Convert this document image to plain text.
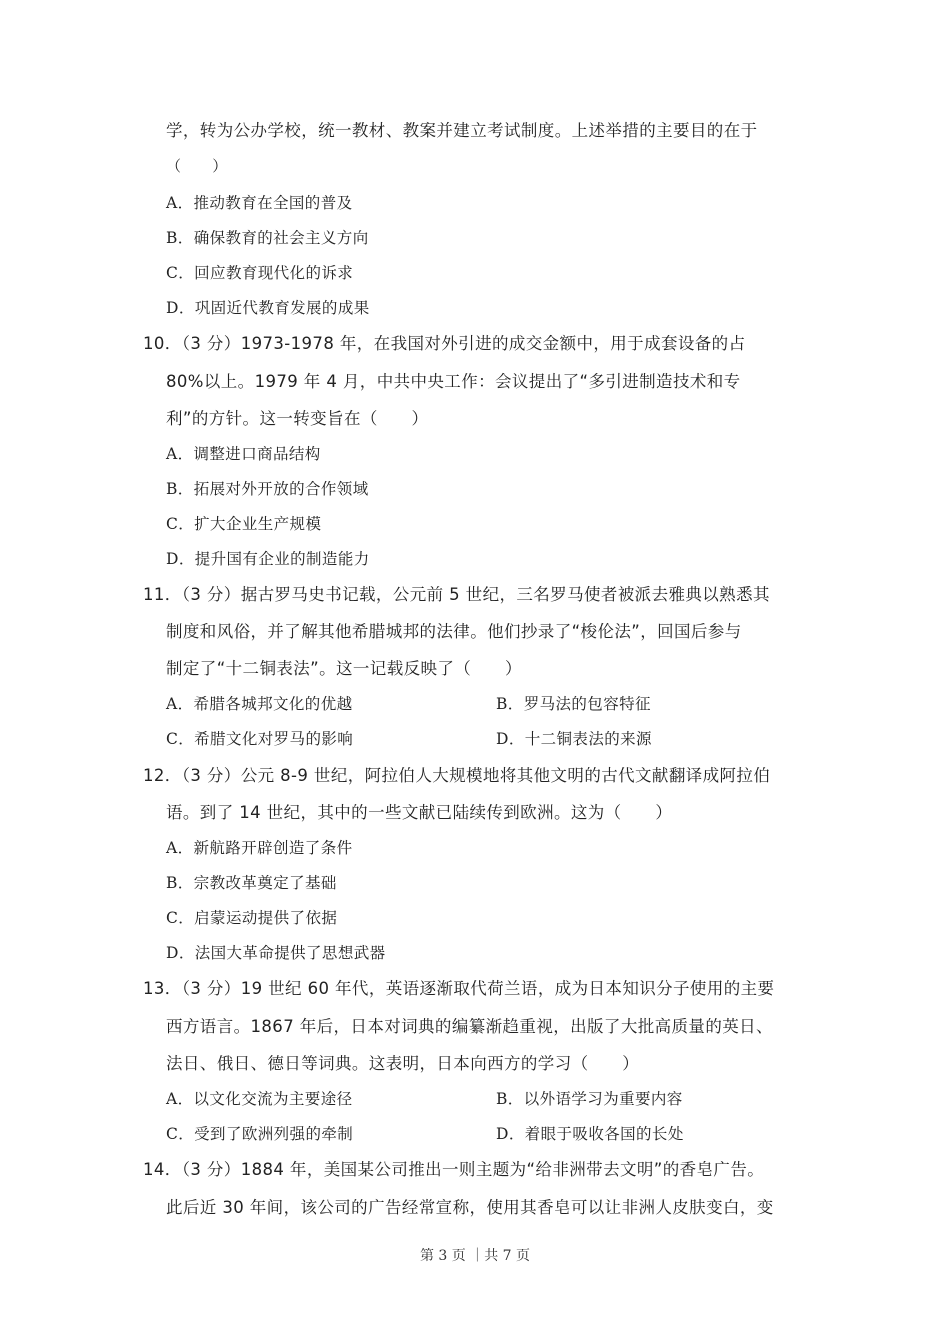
学，转为公办学校，统一教材、教案并建立考试制度。上述举措的主要目的在于
（　　）
A．推动教育在全国的普及
B．确保教育的社会主义方向
C．回应教育现代化的诉求
D．巩固近代教育发展的成果
10．（3 分）1973-1978 年，在我国对外引进的成交金额中，用于成套设备的占
80%以上。1979 年 4 月，中共中央工作：会议提出了“多引进制造技术和专
利”的方针。这一转变旨在（　　）
A．调整进口商品结构
B．拓展对外开放的合作领域
C．扩大企业生产规模
D．提升国有企业的制造能力
11．（3 分）据古罗马史书记载，公元前 5 世纪，三名罗马使者被派去雅典以熟悉其
制度和风俗，并了解其他希腊城邦的法律。他们抄录了“梭伦法”，回国后参与
制定了“十二铜表法”。这一记载反映了（　　）
A．希腊各城邦文化的优越	B．罗马法的包容特征
C．希腊文化对罗马的影响	D．十二铜表法的来源
12．（3 分）公元 8-9 世纪，阿拉伯人大规模地将其他文明的古代文献翻译成阿拉伯
语。到了 14 世纪，其中的一些文献已陆续传到欧洲。这为（　　）
A．新航路开辟创造了条件
B．宗教改革奠定了基础
C．启蒙运动提供了依据
D．法国大革命提供了思想武器
13．（3 分）19 世纪 60 年代，英语逐渐取代荷兰语，成为日本知识分子使用的主要
西方语言。1867 年后，日本对词典的编纂渐趋重视，出版了大批高质量的英日、
法日、俄日、德日等词典。这表明，日本向西方的学习（　　）
A．以文化交流为主要途径	B．以外语学习为重要内容
C．受到了欧洲列强的牵制	D．着眼于吸收各国的长处
14．（3 分）1884 年，美国某公司推出一则主题为“给非洲带去文明”的香皂广告。
此后近 30 年间，该公司的广告经常宣称，使用其香皂可以让非洲人皮肤变白，变
第 3 页 ｜共 7 页
